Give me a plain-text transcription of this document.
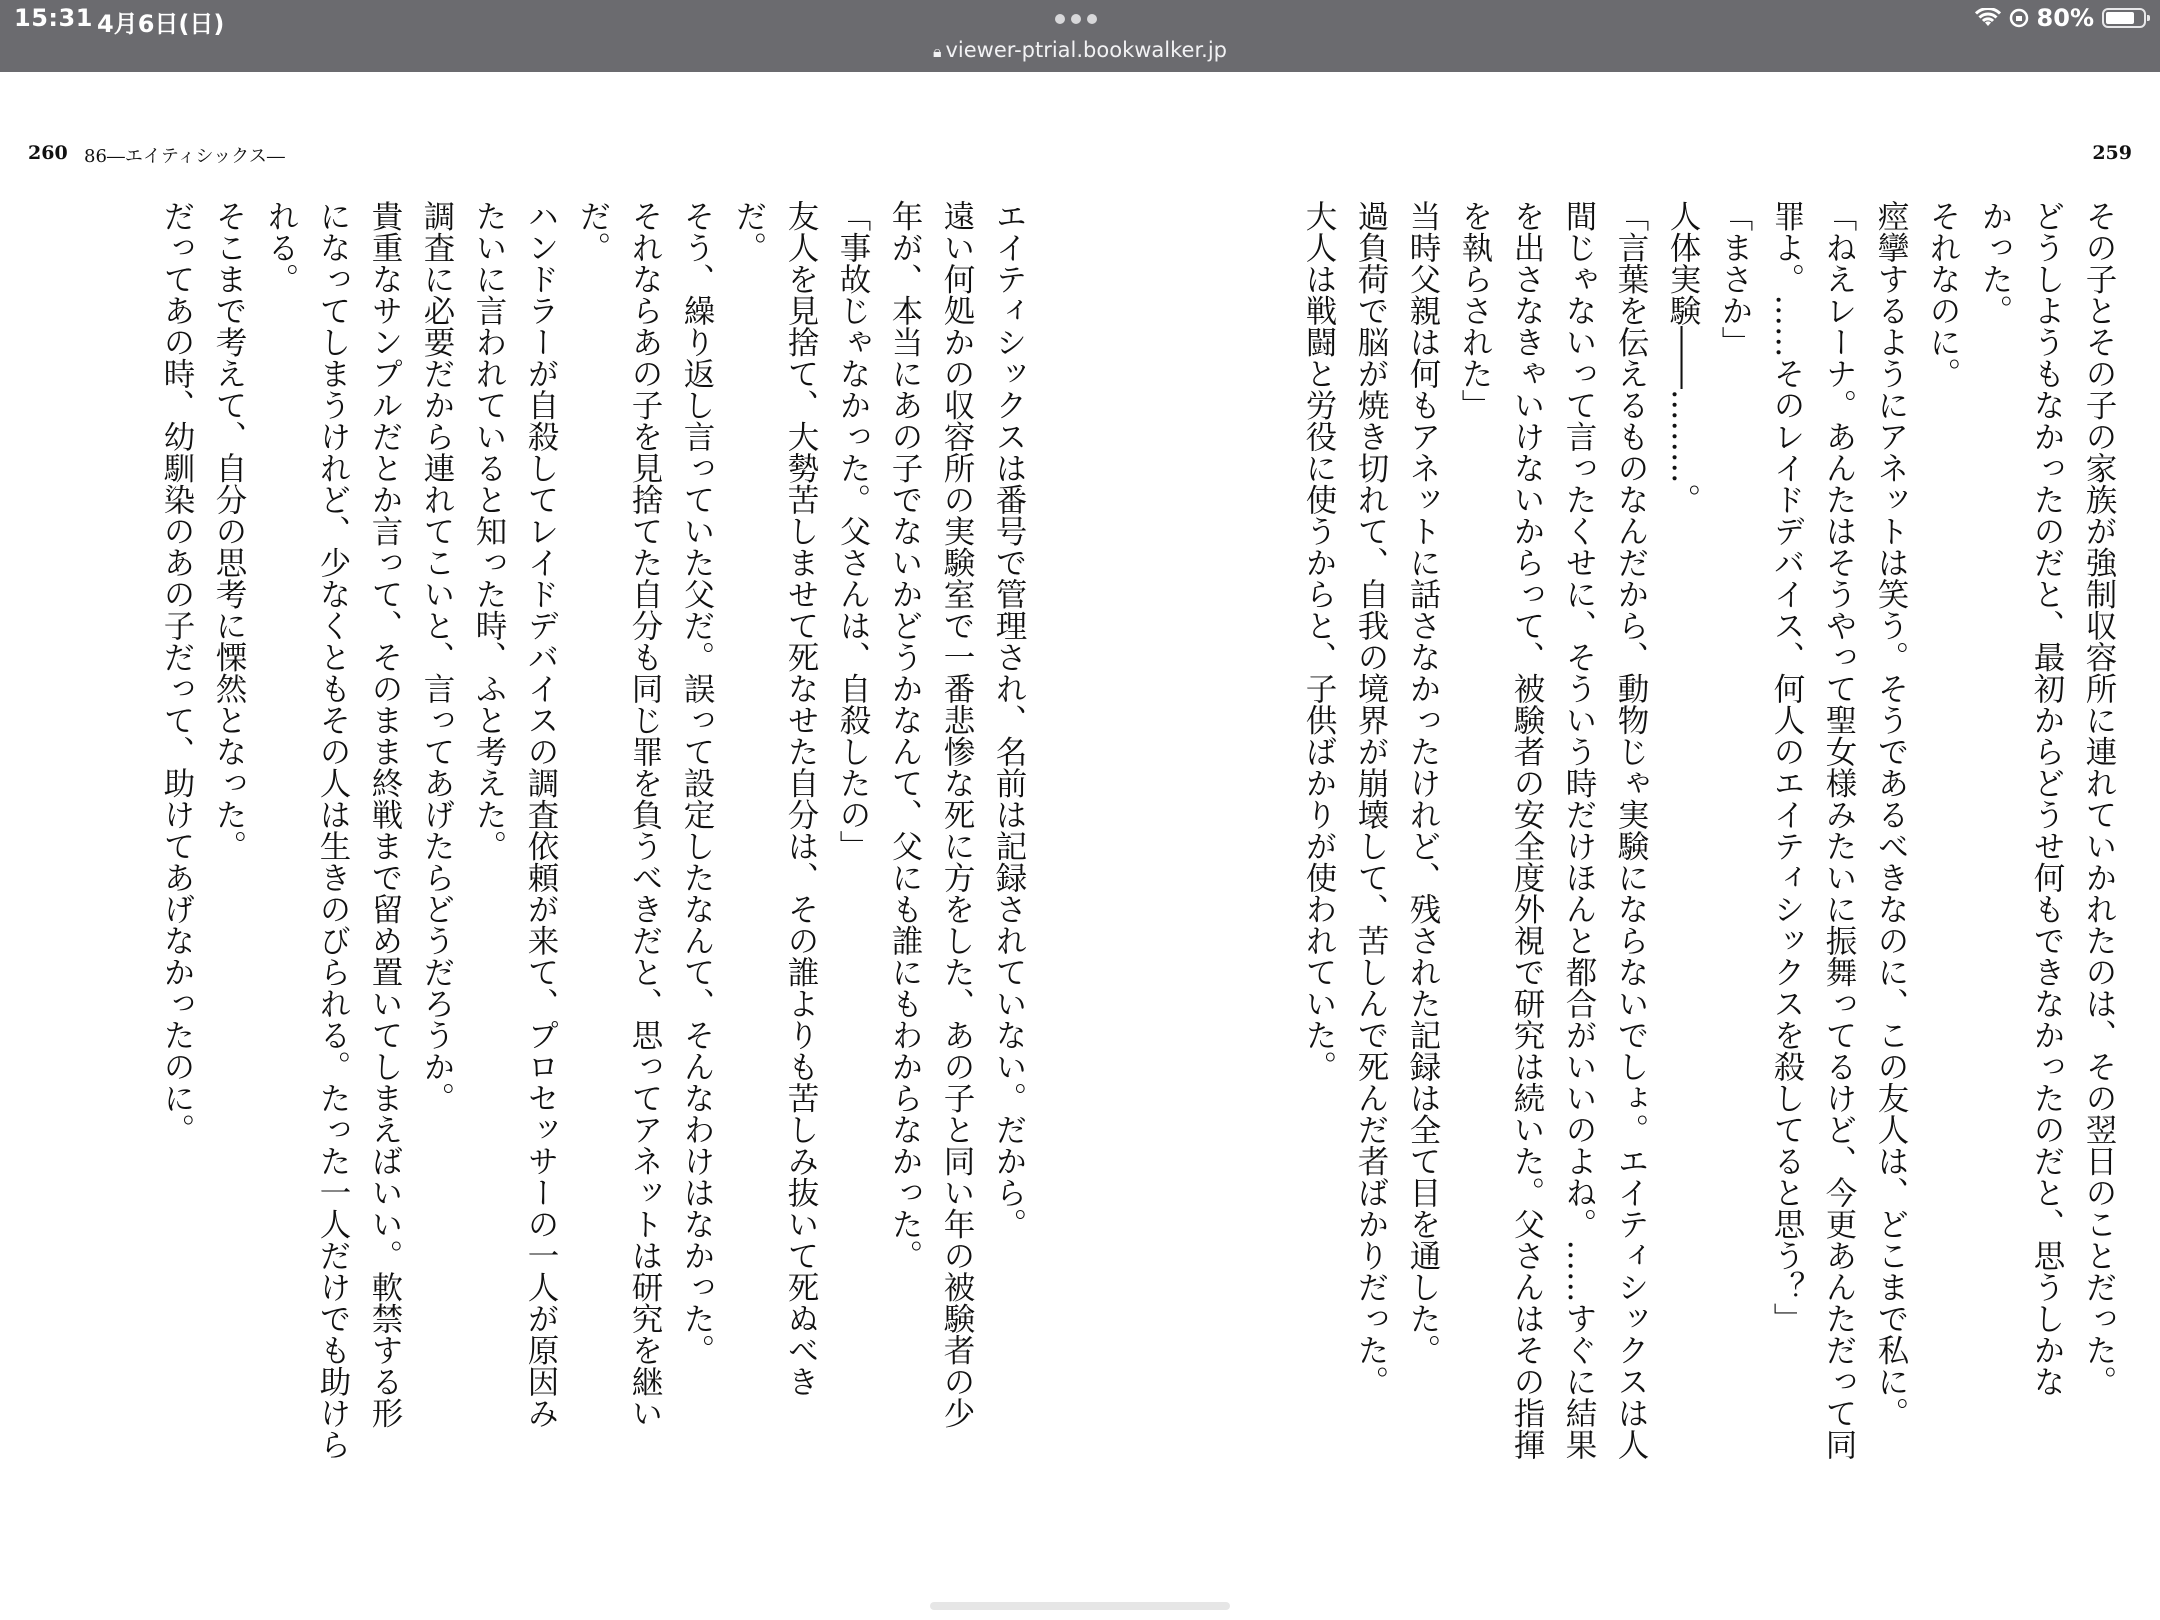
15:31 4月6日(日)	80%
🔒︎ viewer-ptrial.bookwalker.jp
260 86―エイティシックス―	259
その子とその子の家族が強制収容所に連れていかれたのは、その翌日のことだった。
どうしようもなかったのだと、最初からどうせ何もできなかったのだと、思うしかな
かった。
それなのに。
痙攣するようにアネットは笑う。そうであるべきなのに、この友人は、どこまで私に。
「ねえレーナ。あんたはそうやって聖女様みたいに振舞ってるけど、今更あんただって同
罪よ。……そのレイドデバイス、何人のエイティシックスを殺してると思う？」
「まさか」
人体実験――………。
「言葉を伝えるものなんだから、動物じゃ実験にならないでしょ。エイティシックスは人
間じゃないって言ったくせに、そういう時だけほんと都合がいいのよね。……すぐに結果
を出さなきゃいけないからって、被験者の安全度外視で研究は続いた。父さんはその指揮
を執らされた」
当時父親は何もアネットに話さなかったけれど、残された記録は全て目を通した。
過負荷で脳が焼き切れて、自我の境界が崩壊して、苦しんで死んだ者ばかりだった。
大人は戦闘と労役に使うからと、子供ばかりが使われていた。
エイティシックスは番号で管理され、名前は記録されていない。だから。
遠い何処かの収容所の実験室で一番悲惨な死に方をした、あの子と同い年の被験者の少
年が、本当にあの子でないかどうかなんて、父にも誰にもわからなかった。
「事故じゃなかった。父さんは、自殺したの」
友人を見捨て、大勢苦しませて死なせた自分は、その誰よりも苦しみ抜いて死ぬべき
だ。
そう、繰り返し言っていた父だ。誤って設定したなんて、そんなわけはなかった。
それならあの子を見捨てた自分も同じ罪を負うべきだと、思ってアネットは研究を継い
だ。
ハンドラーが自殺してレイドデバイスの調査依頼が来て、プロセッサーの一人が原因み
たいに言われていると知った時、ふと考えた。
調査に必要だから連れてこいと、言ってあげたらどうだろうか。
貴重なサンプルだとか言って、そのまま終戦まで留め置いてしまえばいい。軟禁する形
になってしまうけれど、少なくともその人は生きのびられる。たった一人だけでも助けら
れる。
そこまで考えて、自分の思考に慄然となった。
だってあの時、幼馴染のあの子だって、助けてあげなかったのに。
